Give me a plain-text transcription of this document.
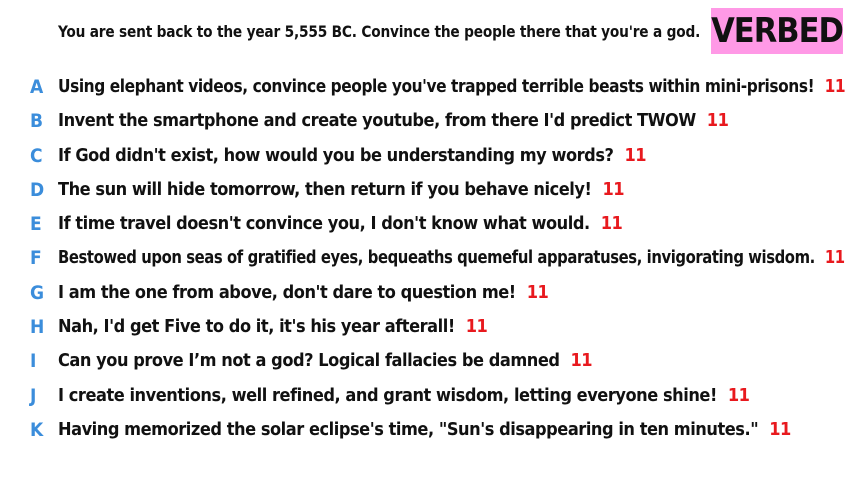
You are sent back to the year 5,555 BC. Convince the people there that you're a god. VERBED
A Using elephant videos, convince people you've trapped terrible beasts within mini-prisons! 11
B Invent the smartphone and create youtube, from there I'd predict TWOW 11
C If God didn't exist, how would you be understanding my words? 11
D The sun will hide tomorrow, then return if you behave nicely! 11
E If time travel doesn't convince you, I don't know what would. 11
F Bestowed upon seas of gratified eyes, bequeaths quemeful apparatuses, invigorating wisdom. 11
G I am the one from above, don't dare to question me! 11
H Nah, I'd get Five to do it, it's his year afterall! 11
I	Can you prove I’m not a god? Logical fallacies be damned 11
J	I create inventions, well refined, and grant wisdom, letting everyone shine! 11
K Having memorized the solar eclipse's time, "Sun's disappearing in ten minutes." 11
